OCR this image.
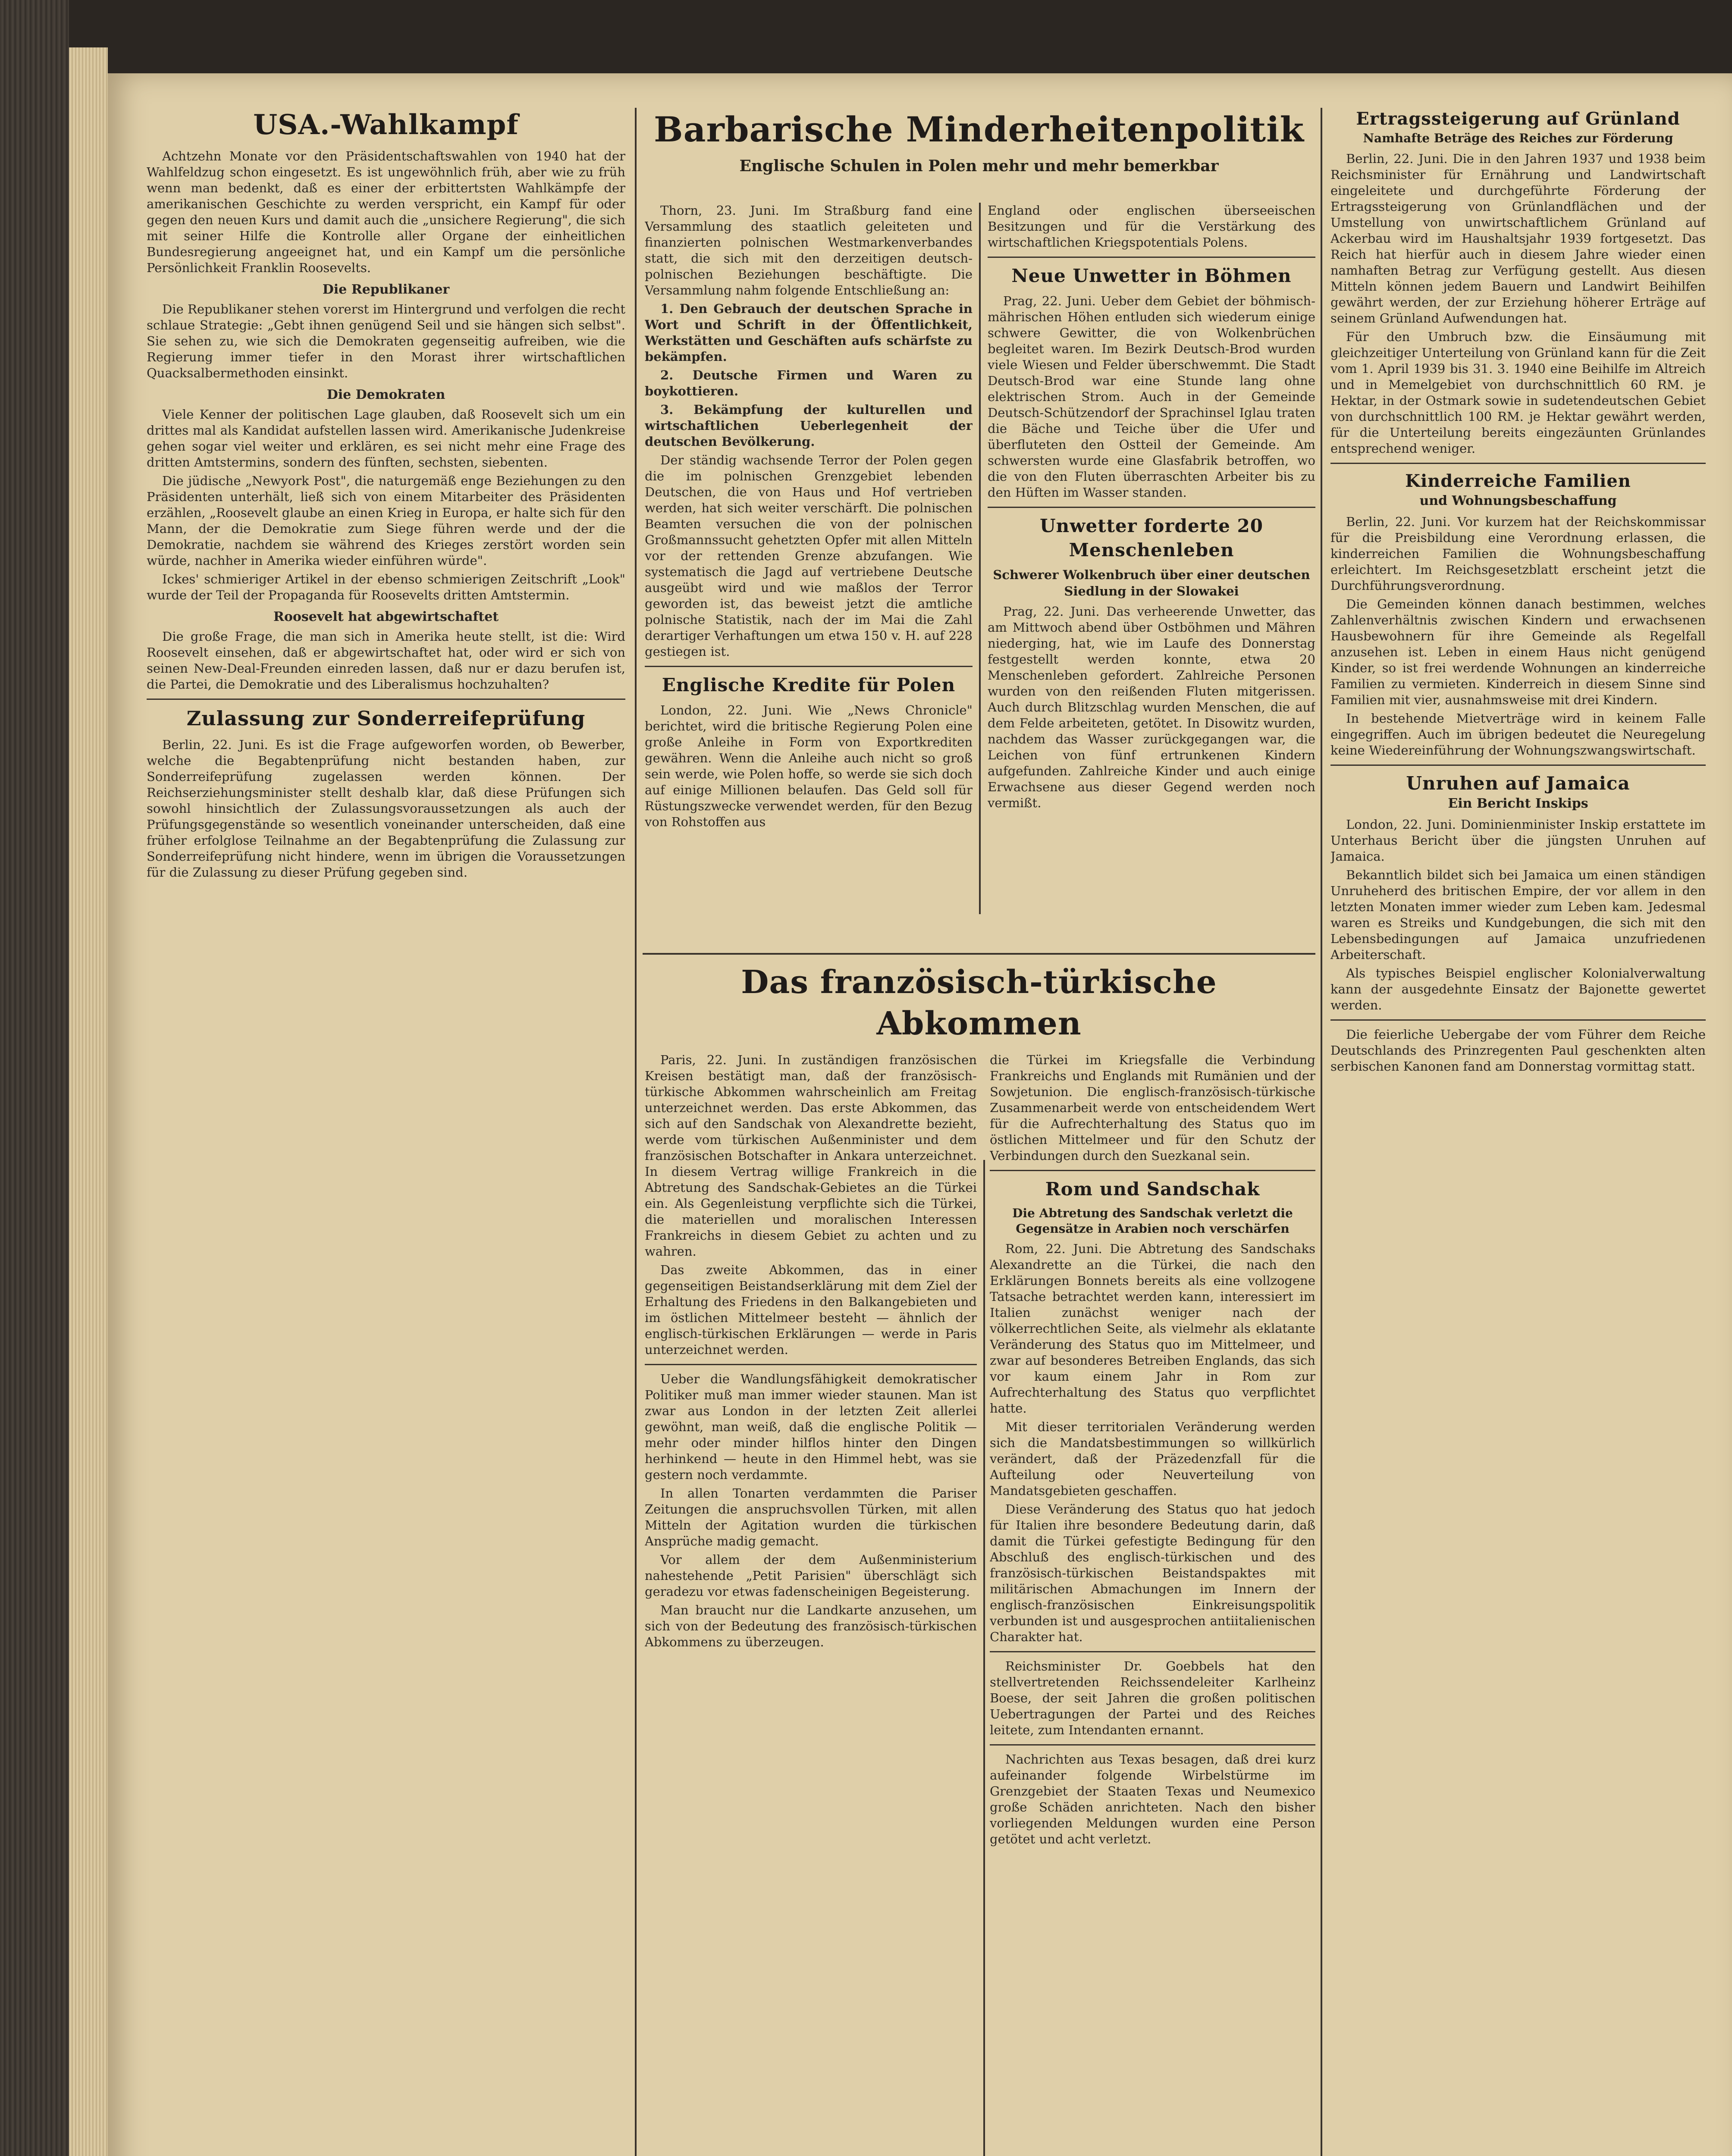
USA.-Wahlkampf

Achtzehn Monate vor den Präsidentschaftswahlen von 1940 hat der Wahlfeldzug schon eingesetzt. Es ist ungewöhnlich früh, aber wie zu früh wenn man bedenkt, daß es einer der erbittertsten Wahlkämpfe der amerikanischen Geschichte zu werden verspricht, ein Kampf für oder gegen den neuen Kurs und damit auch die „unsichere Regierung", die sich mit seiner Hilfe die Kontrolle aller Organe der einheitlichen Bundesregierung angeeignet hat, und ein Kampf um die persönliche Persönlichkeit Franklin Roosevelts.

Die Republikaner

Die Republikaner stehen vorerst im Hintergrund und verfolgen die recht schlaue Strategie: „Gebt ihnen genügend Seil und sie hängen sich selbst". Sie sehen zu, wie sich die Demokraten gegenseitig aufreiben, wie die Regierung immer tiefer in den Morast ihrer wirtschaftlichen Quacksalbermethoden einsinkt.

Die Demokraten

Viele Kenner der politischen Lage glauben, daß Roosevelt sich um ein drittes mal als Kandidat aufstellen lassen wird. Amerikanische Judenkreise gehen sogar viel weiter und erklären, es sei nicht mehr eine Frage des dritten Amtstermins, sondern des fünften, sechsten, siebenten.

Die jüdische „Newyork Post", die naturgemäß enge Beziehungen zu den Präsidenten unterhält, ließ sich von einem Mitarbeiter des Präsidenten erzählen, „Roosevelt glaube an einen Krieg in Europa, er halte sich für den Mann, der die Demokratie zum Siege führen werde und der die Demokratie, nachdem sie während des Krieges zerstört worden sein würde, nachher in Amerika wieder einführen würde".

Ickes' schmieriger Artikel in der ebenso schmierigen Zeitschrift „Look" wurde der Teil der Propaganda für Roosevelts dritten Amtstermin.

Roosevelt hat abgewirtschaftet

Die große Frage, die man sich in Amerika heute stellt, ist die: Wird Roosevelt einsehen, daß er abgewirtschaftet hat, oder wird er sich von seinen New-Deal-Freunden einreden lassen, daß nur er dazu berufen ist, die Partei, die Demokratie und des Liberalismus hochzuhalten?

Zulassung zur Sonderreifeprüfung

Berlin, 22. Juni. Es ist die Frage aufgeworfen worden, ob Bewerber, welche die Begabtenprüfung nicht bestanden haben, zur Sonderreifeprüfung zugelassen werden können. Der Reichserziehungsminister stellt deshalb klar, daß diese Prüfungen sich sowohl hinsichtlich der Zulassungsvoraussetzungen als auch der Prüfungsgegenstände so wesentlich voneinander unterscheiden, daß eine früher erfolglose Teilnahme an der Begabtenprüfung die Zulassung zur Sonderreifeprüfung nicht hindere, wenn im übrigen die Voraussetzungen für die Zulassung zu dieser Prüfung gegeben sind.

Barbarische Minderheitenpolitik
Englische Schulen in Polen mehr und mehr bemerkbar

Thorn, 23. Juni. Im Straßburg fand eine Versammlung des staatlich geleiteten und finanzierten polnischen Westmarkenverbandes statt, die sich mit den derzeitigen deutsch-polnischen Beziehungen beschäftigte. Die Versammlung nahm folgende Entschließung an:

1. Den Gebrauch der deutschen Sprache in Wort und Schrift in der Öffentlichkeit, Werkstätten und Geschäften aufs schärfste zu bekämpfen.

2. Deutsche Firmen und Waren zu boykottieren.

3. Bekämpfung der kulturellen und wirtschaftlichen Ueberlegenheit der deutschen Bevölkerung.

Der ständig wachsende Terror der Polen gegen die im polnischen Grenzgebiet lebenden Deutschen, die von Haus und Hof vertrieben werden, hat sich weiter verschärft. Die polnischen Beamten versuchen die von der polnischen Großmannssucht gehetzten Opfer mit allen Mitteln vor der rettenden Grenze abzufangen. Wie systematisch die Jagd auf vertriebene Deutsche ausgeübt wird und wie maßlos der Terror geworden ist, das beweist jetzt die amtliche polnische Statistik, nach der im Mai die Zahl derartiger Verhaftungen um etwa 150 v. H. auf 228 gestiegen ist.

Englische Kredite für Polen

London, 22. Juni. Wie „News Chronicle" berichtet, wird die britische Regierung Polen eine große Anleihe in Form von Exportkrediten gewähren. Wenn die Anleihe auch nicht so groß sein werde, wie Polen hoffe, so werde sie sich doch auf einige Millionen belaufen. Das Geld soll für Rüstungszwecke verwendet werden, für den Bezug von Rohstoffen aus

England oder englischen überseeischen Besitzungen und für die Verstärkung des wirtschaftlichen Kriegspotentials Polens.

Neue Unwetter in Böhmen

Prag, 22. Juni. Ueber dem Gebiet der böhmisch-mährischen Höhen entluden sich wiederum einige schwere Gewitter, die von Wolkenbrüchen begleitet waren. Im Bezirk Deutsch-Brod wurden viele Wiesen und Felder überschwemmt. Die Stadt Deutsch-Brod war eine Stunde lang ohne elektrischen Strom. Auch in der Gemeinde Deutsch-Schützendorf der Sprachinsel Iglau traten die Bäche und Teiche über die Ufer und überfluteten den Ostteil der Gemeinde. Am schwersten wurde eine Glasfabrik betroffen, wo die von den Fluten überraschten Arbeiter bis zu den Hüften im Wasser standen.

Unwetter forderte 20 Menschenleben
Schwerer Wolkenbruch über einer deutschen Siedlung in der Slowakei

Prag, 22. Juni. Das verheerende Unwetter, das am Mittwoch abend über Ostböhmen und Mähren niederging, hat, wie im Laufe des Donnerstag festgestellt werden konnte, etwa 20 Menschenleben gefordert. Zahlreiche Personen wurden von den reißenden Fluten mitgerissen. Auch durch Blitzschlag wurden Menschen, die auf dem Felde arbeiteten, getötet. In Disowitz wurden, nachdem das Wasser zurückgegangen war, die Leichen von fünf ertrunkenen Kindern aufgefunden. Zahlreiche Kinder und auch einige Erwachsene aus dieser Gegend werden noch vermißt.

Das französisch-türkische Abkommen

Paris, 22. Juni. In zuständigen französischen Kreisen bestätigt man, daß der französisch-türkische Abkommen wahrscheinlich am Freitag unterzeichnet werden. Das erste Abkommen, das sich auf den Sandschak von Alexandrette bezieht, werde vom türkischen Außenminister und dem französischen Botschafter in Ankara unterzeichnet. In diesem Vertrag willige Frankreich in die Abtretung des Sandschak-Gebietes an die Türkei ein. Als Gegenleistung verpflichte sich die Türkei, die materiellen und moralischen Interessen Frankreichs in diesem Gebiet zu achten und zu wahren.

Das zweite Abkommen, das in einer gegenseitigen Beistandserklärung mit dem Ziel der Erhaltung des Friedens in den Balkangebieten und im östlichen Mittelmeer besteht — ähnlich der englisch-türkischen Erklärungen — werde in Paris unterzeichnet werden.

Ueber die Wandlungsfähigkeit demokratischer Politiker muß man immer wieder staunen. Man ist zwar aus London in der letzten Zeit allerlei gewöhnt, man weiß, daß die englische Politik — mehr oder minder hilflos hinter den Dingen herhinkend — heute in den Himmel hebt, was sie gestern noch verdammte.

In allen Tonarten verdammten die Pariser Zeitungen die anspruchsvollen Türken, mit allen Mitteln der Agitation wurden die türkischen Ansprüche madig gemacht.

Vor allem der dem Außenministerium nahestehende „Petit Parisien" überschlägt sich geradezu vor etwas fadenscheinigen Begeisterung.

Man braucht nur die Landkarte anzusehen, um sich von der Bedeutung des französisch-türkischen Abkommens zu überzeugen.

die Türkei im Kriegsfalle die Verbindung Frankreichs und Englands mit Rumänien und der Sowjetunion. Die englisch-französisch-türkische Zusammenarbeit werde von entscheidendem Wert für die Aufrechterhaltung des Status quo im östlichen Mittelmeer und für den Schutz der Verbindungen durch den Suezkanal sein.

Rom und Sandschak
Die Abtretung des Sandschak verletzt die Gegensätze in Arabien noch verschärfen

Rom, 22. Juni. Die Abtretung des Sandschaks Alexandrette an die Türkei, die nach den Erklärungen Bonnets bereits als eine vollzogene Tatsache betrachtet werden kann, interessiert im Italien zunächst weniger nach der völkerrechtlichen Seite, als vielmehr als eklatante Veränderung des Status quo im Mittelmeer, und zwar auf besonderes Betreiben Englands, das sich vor kaum einem Jahr in Rom zur Aufrechterhaltung des Status quo verpflichtet hatte.

Mit dieser territorialen Veränderung werden sich die Mandatsbestimmungen so willkürlich verändert, daß der Präzedenzfall für die Aufteilung oder Neuverteilung von Mandatsgebieten geschaffen.

Diese Veränderung des Status quo hat jedoch für Italien ihre besondere Bedeutung darin, daß damit die Türkei gefestigte Bedingung für den Abschluß des englisch-türkischen und des französisch-türkischen Beistandspaktes mit militärischen Abmachungen im Innern der englisch-französischen Einkreisungspolitik verbunden ist und ausgesprochen antiitalienischen Charakter hat.

Reichsminister Dr. Goebbels hat den stellvertretenden Reichssendeleiter Karlheinz Boese, der seit Jahren die großen politischen Uebertragungen der Partei und des Reiches leitete, zum Intendanten ernannt.

Nachrichten aus Texas besagen, daß drei kurz aufeinander folgende Wirbelstürme im Grenzgebiet der Staaten Texas und Neumexico große Schäden anrichteten. Nach den bisher vorliegenden Meldungen wurden eine Person getötet und acht verletzt.

Ertragssteigerung auf Grünland
Namhafte Beträge des Reiches zur Förderung

Berlin, 22. Juni. Die in den Jahren 1937 und 1938 beim Reichsminister für Ernährung und Landwirtschaft eingeleitete und durchgeführte Förderung der Ertragssteigerung von Grünlandflächen und der Umstellung von unwirtschaftlichem Grünland auf Ackerbau wird im Haushaltsjahr 1939 fortgesetzt. Das Reich hat hierfür auch in diesem Jahre wieder einen namhaften Betrag zur Verfügung gestellt. Aus diesen Mitteln können jedem Bauern und Landwirt Beihilfen gewährt werden, der zur Erziehung höherer Erträge auf seinem Grünland Aufwendungen hat.

Für den Umbruch bzw. die Einsäumung mit gleichzeitiger Unterteilung von Grünland kann für die Zeit vom 1. April 1939 bis 31. 3. 1940 eine Beihilfe im Altreich und in Memelgebiet von durchschnittlich 60 RM. je Hektar, in der Ostmark sowie in sudetendeutschen Gebiet von durchschnittlich 100 RM. je Hektar gewährt werden, für die Unterteilung bereits eingezäunten Grünlandes entsprechend weniger.

Kinderreiche Familien
und Wohnungsbeschaffung

Berlin, 22. Juni. Vor kurzem hat der Reichskommissar für die Preisbildung eine Verordnung erlassen, die kinderreichen Familien die Wohnungsbeschaffung erleichtert. Im Reichsgesetzblatt erscheint jetzt die Durchführungsverordnung.

Die Gemeinden können danach bestimmen, welches Zahlenverhältnis zwischen Kindern und erwachsenen Hausbewohnern für ihre Gemeinde als Regelfall anzusehen ist. Leben in einem Haus nicht genügend Kinder, so ist frei werdende Wohnungen an kinderreiche Familien zu vermieten. Kinderreich in diesem Sinne sind Familien mit vier, ausnahmsweise mit drei Kindern.

In bestehende Mietverträge wird in keinem Falle eingegriffen. Auch im übrigen bedeutet die Neuregelung keine Wiedereinführung der Wohnungszwangswirtschaft.

Unruhen auf Jamaica
Ein Bericht Inskips

London, 22. Juni. Dominienminister Inskip erstattete im Unterhaus Bericht über die jüngsten Unruhen auf Jamaica.

Bekanntlich bildet sich bei Jamaica um einen ständigen Unruheherd des britischen Empire, der vor allem in den letzten Monaten immer wieder zum Leben kam. Jedesmal waren es Streiks und Kundgebungen, die sich mit den Lebensbedingungen auf Jamaica unzufriedenen Arbeiterschaft.

Als typisches Beispiel englischer Kolonialverwaltung kann der ausgedehnte Einsatz der Bajonette gewertet werden.

Die feierliche Uebergabe der vom Führer dem Reiche Deutschlands des Prinzregenten Paul geschenkten alten serbischen Kanonen fand am Donnerstag vormittag statt.
